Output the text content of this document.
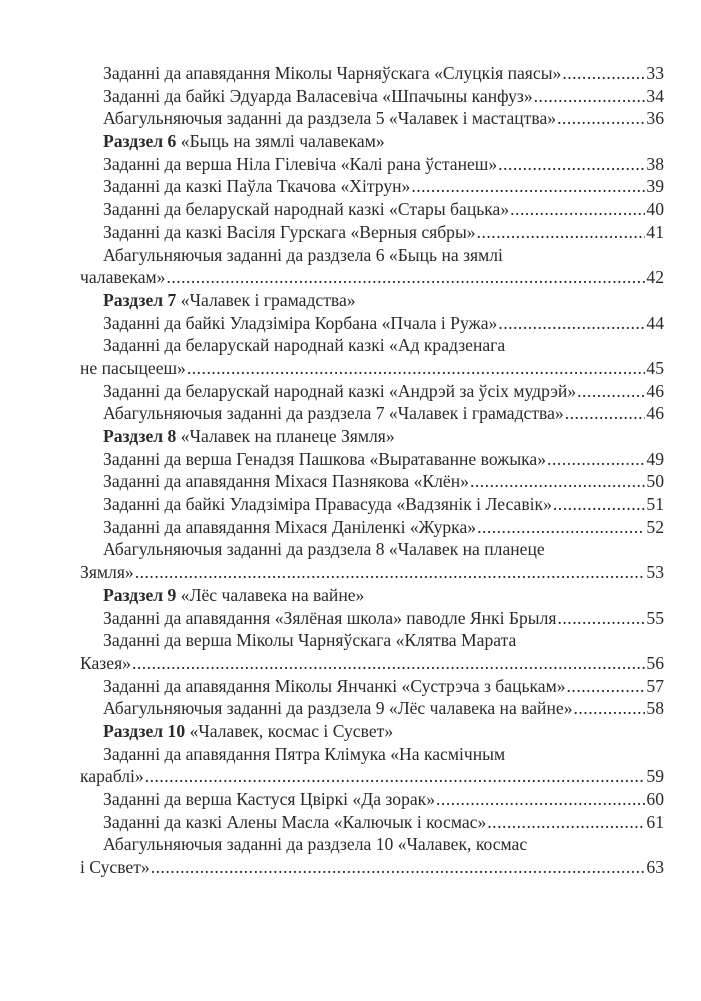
Заданні да апавядання Міколы Чарняўскага «Слуцкія паясы» .....	33
Заданні да байкі Эдуарда Валасевіча «Шпачыны канфуз» .....	34
Абагульняючыя заданні да раздзела 5 «Чалавек і мастацтва» .....	36
Раздзел 6
«Быць на зямлі чалавекам»
Заданні да верша Ніла Гілевіча «Калі рана ўстанеш» .....	38
Заданні да казкі Паўла Ткачова «Хітрун» .....	39
Заданні да беларускай народнай казкі «Стары бацька» .....	40
Заданні да казкі Васіля Гурскага «Верныя сябры» .....	41
Абагульняючыя заданні да раздзела 6 «Быць на зямлі
чалавекам» .....	42
Раздзел 7
«Чалавек і грамадства»
Заданні да байкі Уладзіміра Корбана «Пчала і Ружа» .....	44
Заданні да беларускай народнай казкі «Ад крадзенага
не пасыцееш» .....	45
Заданні да беларускай народнай казкі «Андрэй за ўсіх мудрэй» .....	46
Абагульняючыя заданні да раздзела 7 «Чалавек і грамадства» .....	46
Раздзел 8
«Чалавек на планеце Зямля»
Заданні да верша Генадзя Пашкова «Выратаванне вожыка» .....	49
Заданні да апавядання Міхася Пазнякова «Клён» .....	50
Заданні да байкі Уладзіміра Правасуда «Вадзянік і Лесавік» .....	51
Заданні да апавядання Міхася Даніленкі «Журка» .....	52
Абагульняючыя заданні да раздзела 8 «Чалавек на планеце
Зямля» .....	53
Раздзел 9
«Лёс чалавека на вайне»
Заданні да апавядання «Зялёная школа» паводле Янкі Брыля .....	55
Заданні да верша Міколы Чарняўскага «Клятва Марата
Казея» .....	56
Заданні да апавядання Міколы Янчанкі «Сустрэча з бацькам» .....	57
Абагульняючыя заданні да раздзела 9 «Лёс чалавека на вайне» .....	58
Раздзел 10
«Чалавек, космас і Сусвет»
Заданні да апавядання Пятра Клімука «На касмічным
караблі» .....	59
Заданні да верша Кастуся Цвіркі «Да зорак» .....	60
Заданні да казкі Алены Масла «Калючык і космас» .....	61
Абагульняючыя заданні да раздзела 10 «Чалавек, космас
і Сусвет» .....	63
